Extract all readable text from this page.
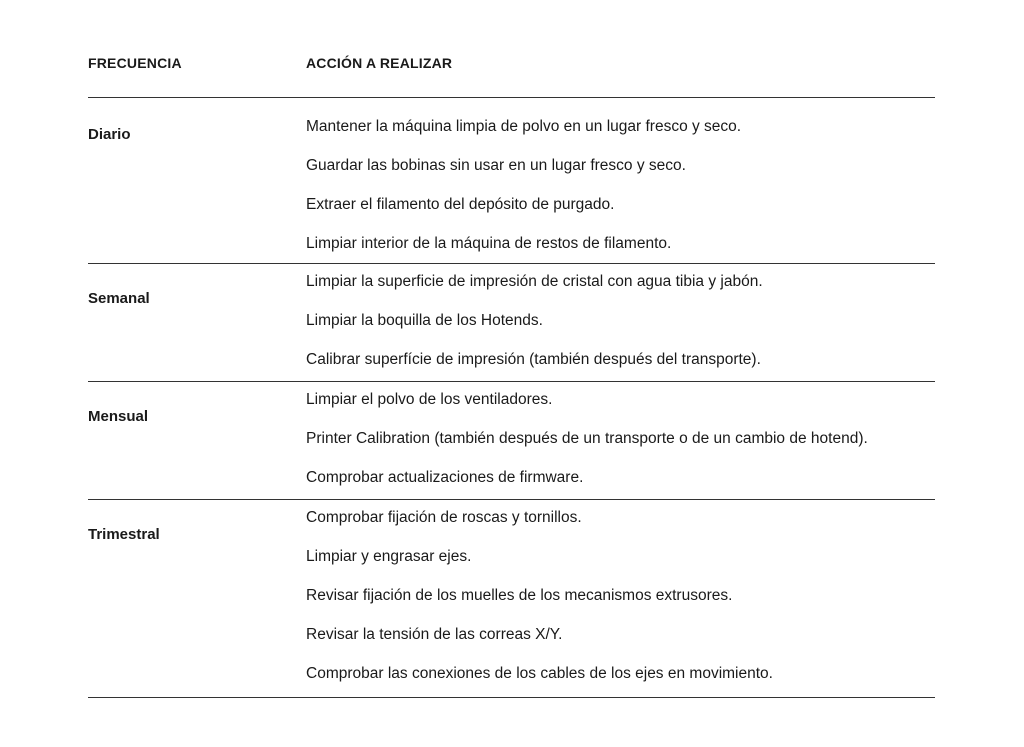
FRECUENCIA	ACCIÓN A REALIZAR
Diario	Mantener la máquina limpia de polvo en un lugar fresco y seco.
Guardar las bobinas sin usar en un lugar fresco y seco.
Extraer el filamento del depósito de purgado.
Limpiar interior de la máquina de restos de filamento.
Semanal
Limpiar la superficie de impresión de cristal con agua tibia y jabón.
Limpiar la boquilla de los Hotends.
Calibrar superfície de impresión (también después del transporte).
Mensual
Limpiar el polvo de los ventiladores.
Printer Calibration (también después de un transporte o de un cambio de hotend).
Comprobar actualizaciones de firmware.
Trimestral
Comprobar fijación de roscas y tornillos.
Limpiar y engrasar ejes.
Revisar fijación de los muelles de los mecanismos extrusores.
Revisar la tensión de las correas X/Y.
Comprobar las conexiones de los cables de los ejes en movimiento.
